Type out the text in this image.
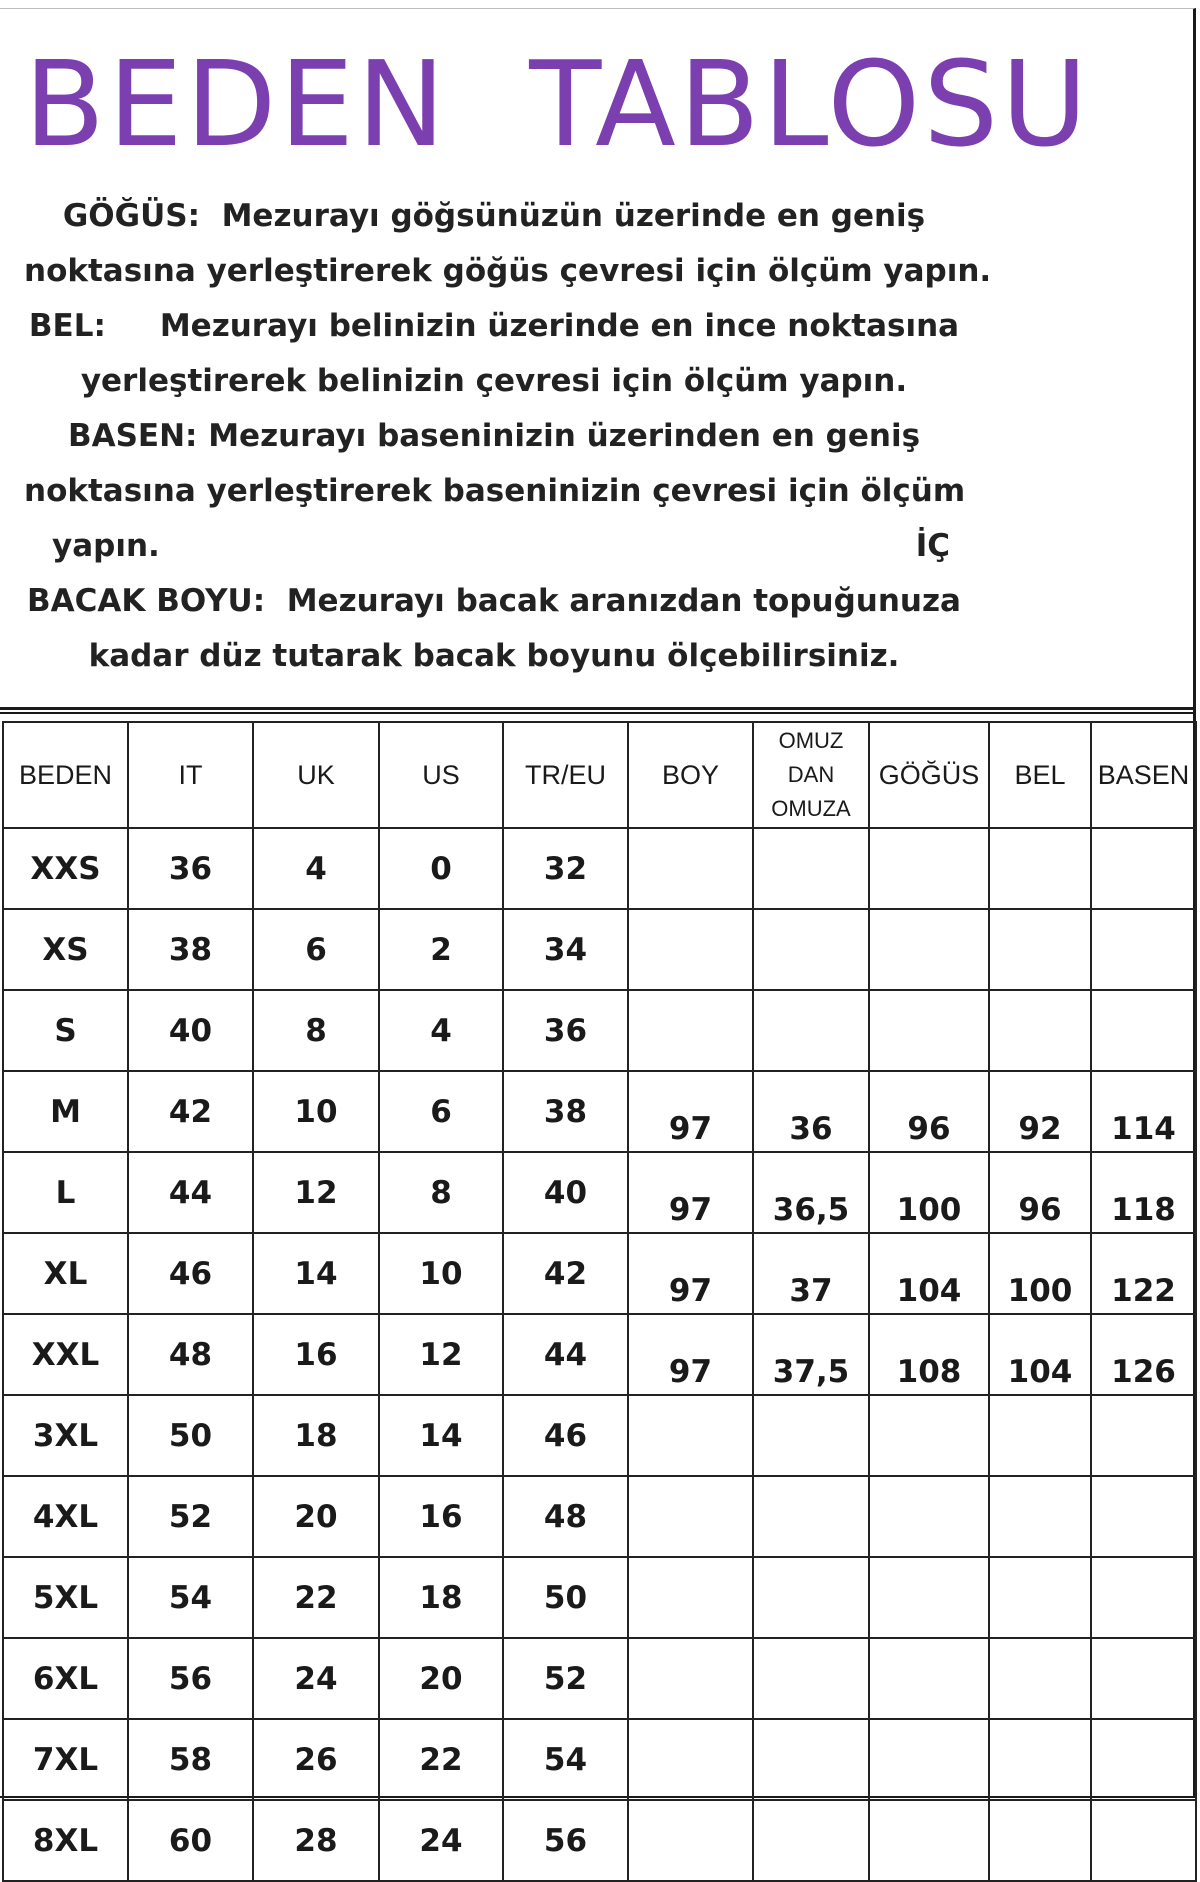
BEDEN  TABLOSU
GÖĞÜS:  Mezurayı göğsünüzün üzerinde en geniş
noktasına yerleştirerek göğüs çevresi için ölçüm yapın.
BEL:     Mezurayı belinizin üzerinde en ince noktasına
yerleştirerek belinizin çevresi için ölçüm yapın.
BASEN: Mezurayı baseninizin üzerinden en geniş
noktasına yerleştirerek baseninizin çevresi için ölçüm
yapın.	İÇ
BACAK BOYU:  Mezurayı bacak aranızdan topuğunuza
kadar düz tutarak bacak boyunu ölçebilirsiniz.
BEDEN	IT	UK	US	TR/EU	BOY	OMUZ DAN OMUZA	GÖĞÜS	BEL	BASEN
XXS	36	4	0	32					
XS	38	6	2	34					
S	40	8	4	36					
M	42	10	6	38	97	36	96	92	114
L	44	12	8	40	97	36,5	100	96	118
XL	46	14	10	42	97	37	104	100	122
XXL	48	16	12	44	97	37,5	108	104	126
3XL	50	18	14	46					
4XL	52	20	16	48					
5XL	54	22	18	50					
6XL	56	24	20	52					
7XL	58	26	22	54					
8XL	60	28	24	56					
